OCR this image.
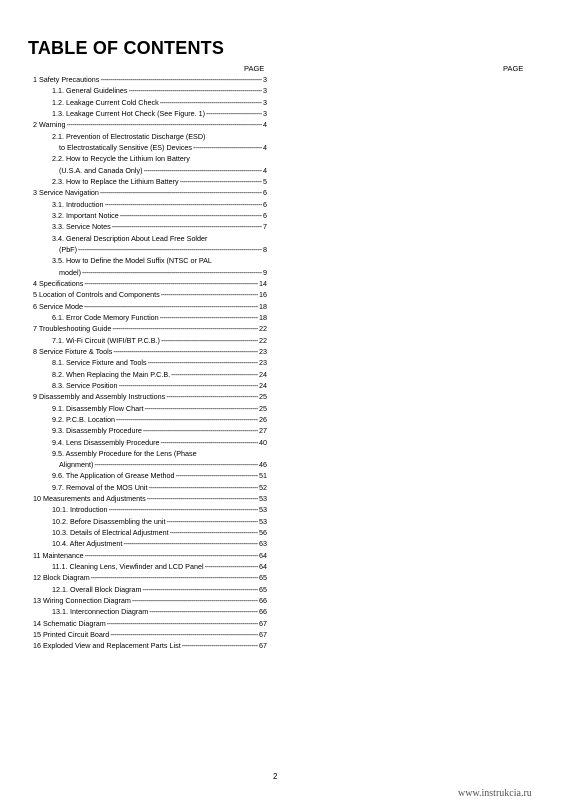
TABLE OF CONTENTS
PAGE	PAGE
1 Safety Precautions -----	3
1.1. General Guidelines -----	3
1.2. Leakage Current Cold Check -----	3
1.3. Leakage Current Hot Check (See Figure. 1) -----	3
2 Warning -----	4
2.1. Prevention of Electrostatic Discharge (ESD)
to Electrostatically Sensitive (ES) Devices -----	4
2.2. How to Recycle the Lithium Ion Battery
(U.S.A. and Canada Only) -----	4
2.3. How to Replace the Lithium Battery -----	5
3 Service Navigation -----	6
3.1. Introduction -----	6
3.2. Important Notice -----	6
3.3. Service Notes -----	7
3.4. General Description About Lead Free Solder
(PbF) -----	8
3.5. How to Define the Model Suffix (NTSC or PAL
model) -----	9
4 Specifications -----	14
5 Location of Controls and Components -----	16
6 Service Mode -----	18
6.1. Error Code Memory Function -----	18
7 Troubleshooting Guide -----	22
7.1. Wi-Fi Circuit (WIFI/BT P.C.B.) -----	22
8 Service Fixture & Tools -----	23
8.1. Service Fixture and Tools -----	23
8.2. When Replacing the Main P.C.B. -----	24
8.3. Service Position -----	24
9 Disassembly and Assembly Instructions -----	25
9.1. Disassembly Flow Chart -----	25
9.2. P.C.B. Location -----	26
9.3. Disassembly Procedure -----	27
9.4. Lens Disassembly Procedure -----	40
9.5. Assembly Procedure for the Lens (Phase
Alignment) -----	46
9.6. The Application of Grease Method -----	51
9.7. Removal of the MOS Unit -----	52
10 Measurements and Adjustments -----	53
10.1. Introduction -----	53
10.2. Before Disassembling the unit -----	53
10.3. Details of Electrical Adjustment -----	56
10.4. After Adjustment -----	63
11 Maintenance -----	64
11.1. Cleaning Lens, Viewfinder and LCD Panel -----	64
12 Block Diagram -----	65
12.1. Overall Block Diagram -----	65
13 Wiring Connection Diagram -----	66
13.1. Interconnection Diagram -----	66
14 Schematic Diagram -----	67
15 Printed Circuit Board -----	67
16 Exploded View and Replacement Parts List -----	67
2
www.instrukcia.ru
